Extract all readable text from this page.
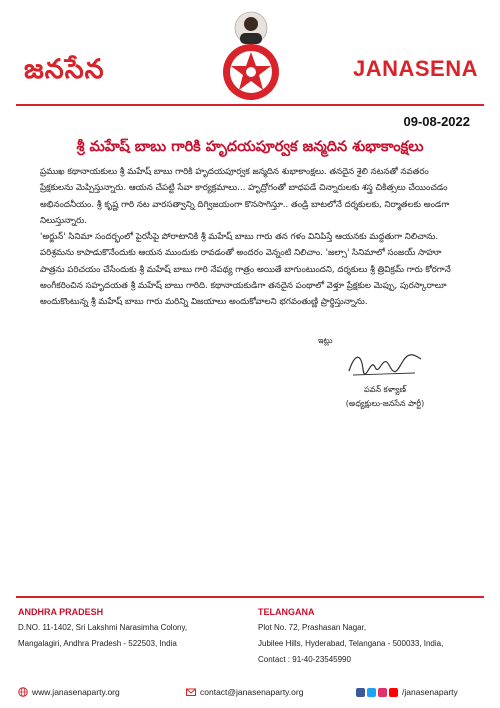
జనసేన	JANASENA
09-08-2022
శ్రీ మహేష్ బాబు గారికి హృదయపూర్వక జన్మదిన శుభాకాంక్షలు

ప్రముఖ కథానాయకులు శ్రీ మహేష్ బాబు గారికి హృదయపూర్వక జన్మదిన శుభాకాంక్షలు. తనదైన శైలి నటనతో నవతరం ప్రేక్షకులను మెప్పిస్తున్నారు. ఆయన చేపట్టి సేవా కార్యక్రమాలు... హృద్రోగంతో బాధపడే చిన్నారులకు శస్త్ర చికిత్సలు చేయించడం అభినందనీయం. శ్రీ కృష్ణ గారి నట వారసత్వాన్ని దిగ్విజయంగా కొనసాగిస్తూ.. తండ్రి బాటలోనే దర్శకులకు, నిర్మాతలకు అండగా నిలుస్తున్నారు.

'అర్జున్' సినిమా సందర్భంలో పైరసీపై పోరాటానికి శ్రీ మహేష్ బాబు గారు తన గళం వినిపిస్తే ఆయనకు మద్దతుగా నిలిచాను. పరిశ్రమను కాపాడుకొనేందుకు ఆయన ముందుకు రావడంతో అందరం వెన్నంటి నిలిచాం. 'జల్సా' సినిమాలో సంజయ్ సాహూ పాత్రను పరిచయం చేసేందుకు శ్రీ మహేష్ బాబు గారి నేపథ్య గాత్రం అయితే బాగుంటుందని, దర్శకులు శ్రీ త్రివిక్రమ్ గారు కోరగానే అంగీకరించిన సహృదయత శ్రీ మహేష్ బాబు గారిది. కథానాయకుడిగా తనదైన పంథాలో వెళ్తూ ప్రేక్షకుల మెప్పు, పురస్కారాలూ అందుకొంటున్న శ్రీ మహేష్ బాబు గారు మరిన్ని విజయాలు అందుకోవాలని భగవంతుణ్ణి ప్రార్థిస్తున్నాను.

ఇట్లు
పవన్ కళ్యాణ్
(అధ్యక్షులు-జనసేన పార్టీ)
ANDHRA PRADESH
D.NO. 11-1402, Sri Lakshmi Narasimha Colony,
Mangalagiri, Andhra Pradesh - 522503, India
TELANGANA
Plot No. 72, Prashasan Nagar,
Jubilee Hills, Hyderabad, Telangana - 500033, India,
Contact : 91-40-23545990
www.janasenaparty.org	contact@janasenaparty.org	/janasenaparty
